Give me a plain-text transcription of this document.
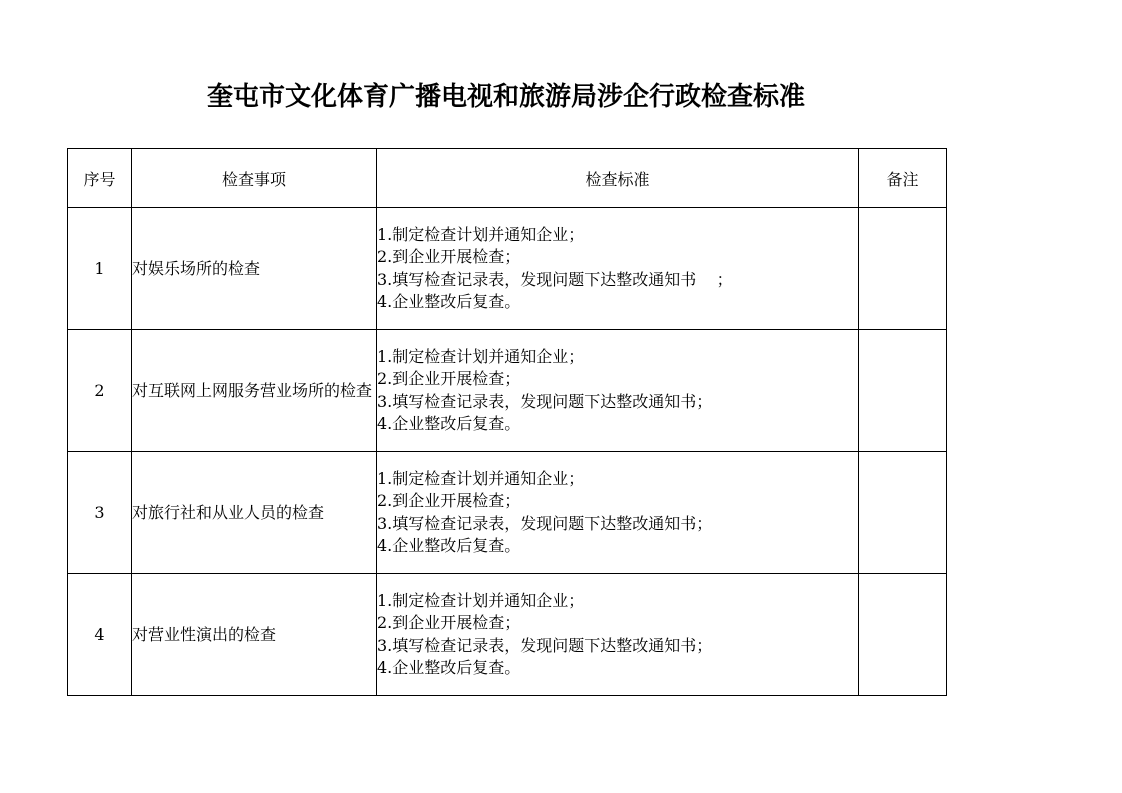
奎屯市文化体育广播电视和旅游局涉企行政检查标准
序号	检查事项	检查标准	备注
1	对娱乐场所的检查	1.制定检查计划并通知企业；
2.到企业开展检查；
3.填写检查记录表，发现问题下达整改通知书    ；
4.企业整改后复查。	

2	对互联网上网服务营业场所的检查	1.制定检查计划并通知企业；
2.到企业开展检查；
3.填写检查记录表，发现问题下达整改通知书；
4.企业整改后复查。	

3	对旅行社和从业人员的检查	1.制定检查计划并通知企业；
2.到企业开展检查；
3.填写检查记录表，发现问题下达整改通知书；
4.企业整改后复查。	

4	对营业性演出的检查	1.制定检查计划并通知企业；
2.到企业开展检查；
3.填写检查记录表，发现问题下达整改通知书；
4.企业整改后复查。	
